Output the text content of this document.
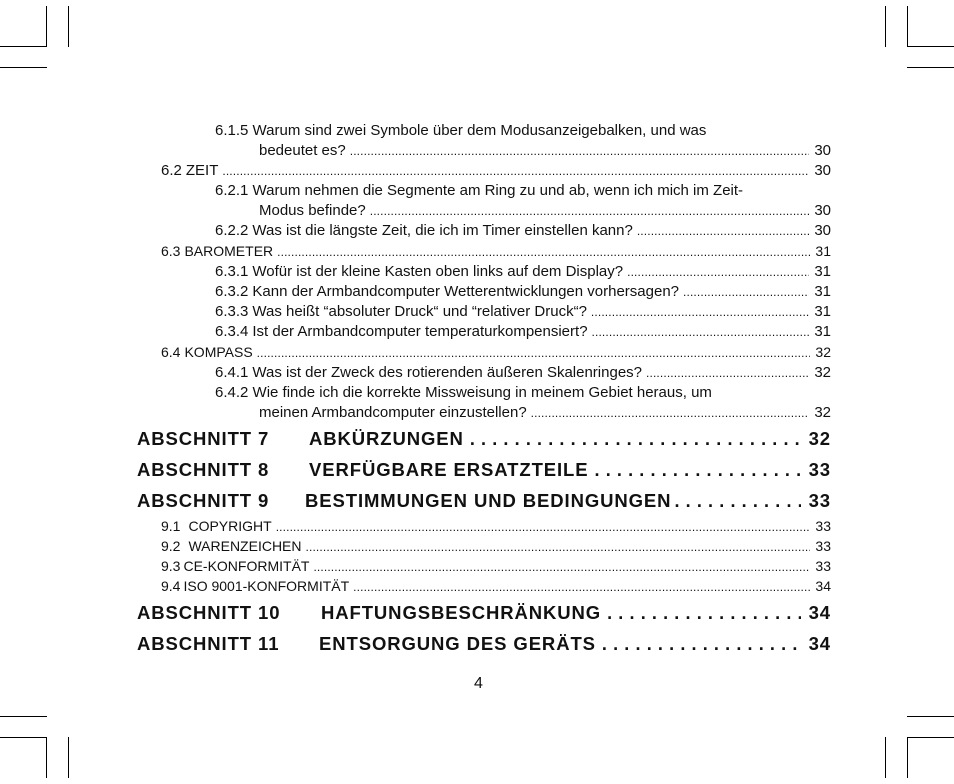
6.1.5 Warum sind zwei Symbole über dem Modusanzeigebalken, und was
bedeutet es? . . .	30
6.2 ZEIT . . .	30
6.2.1 Warum nehmen die Segmente am Ring zu und ab, wenn ich mich im Zeit-
Modus befinde? . . .	30
6.2.2 Was ist die längste Zeit, die ich im Timer einstellen kann? . . .	30
6.3 BAROMETER . . .	31
6.3.1 Wofür ist der kleine Kasten oben links auf dem Display? . . .	31
6.3.2 Kann der Armbandcomputer Wetterentwicklungen vorhersagen? . . .	31
6.3.3 Was heißt “absoluter Druck“ und “relativer Druck“? . . .	31
6.3.4 Ist der Armbandcomputer temperaturkompensiert? . . .	31
6.4 KOMPASS . . .	32
6.4.1 Was ist der Zweck des rotierenden äußeren Skalenringes? . . .	32
6.4.2 Wie finde ich die korrekte Missweisung in meinem Gebiet heraus, um
meinen Armbandcomputer einzustellen? . . .	32
ABSCHNITT 7	ABKÜRZUNGEN . . .	32
ABSCHNITT 8	VERFÜGBARE ERSATZTEILE . . .	33
ABSCHNITT 9	BESTIMMUNGEN UND BEDINGUNGEN . . .	33
9.1 COPYRIGHT . . .	33
9.2 WARENZEICHEN . . .	33
9.3 CE-KONFORMITÄT . . .	33
9.4 ISO 9001-KONFORMITÄT . . .	34
ABSCHNITT 10	HAFTUNGSBESCHRÄNKUNG . . .	34
ABSCHNITT 11	ENTSORGUNG DES GERÄTS . . .	34
4
